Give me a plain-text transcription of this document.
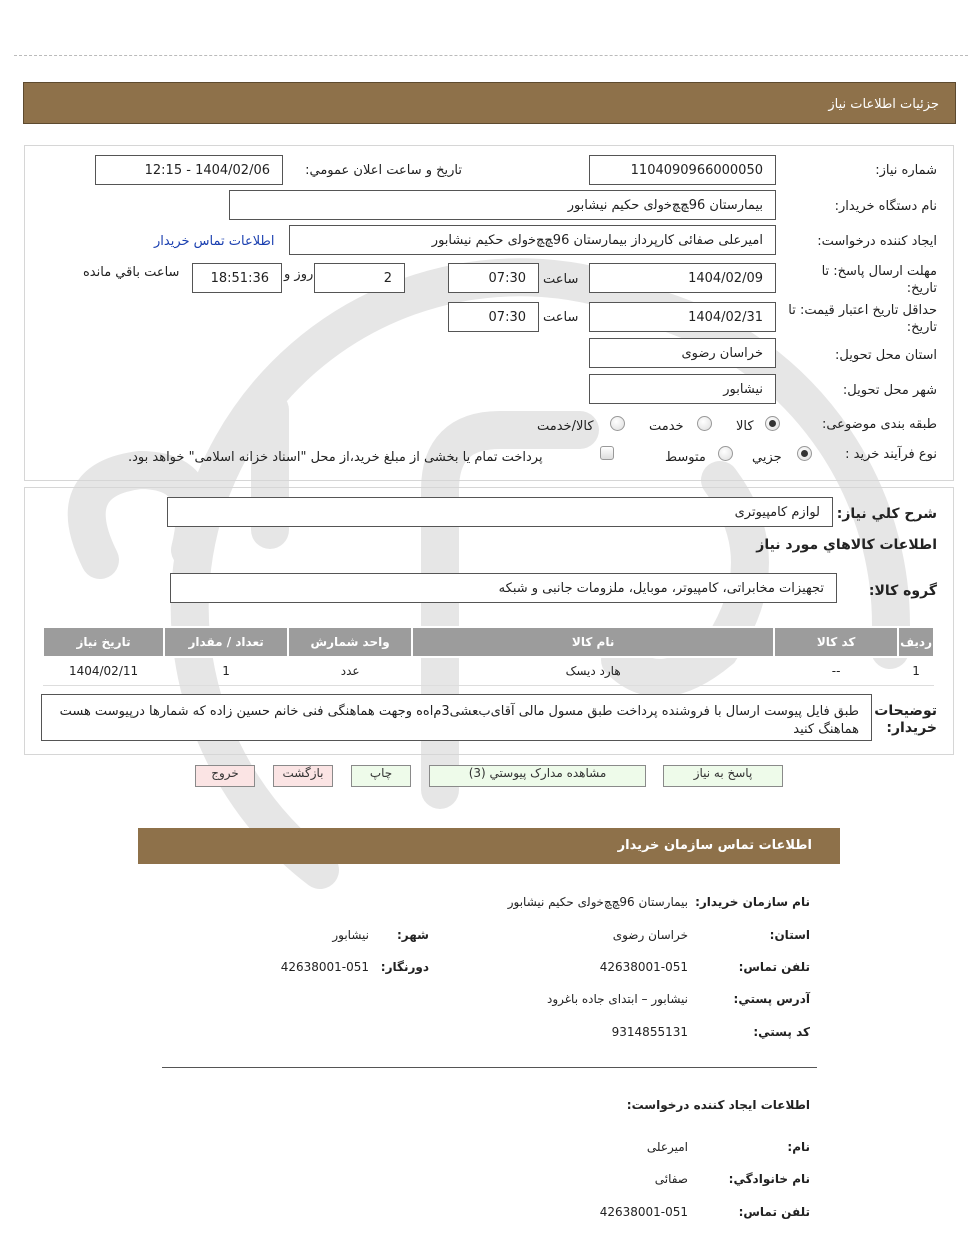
جزئيات اطلاعات نياز
شماره نياز:
1104090966000050
تاريخ و ساعت اعلان عمومي:
1404/02/06 - 12:15
نام دستگاه خريدار:
بیمارستان 96ﭻﭻﺧﻭﻟی حکیم نیشابور
ايجاد كننده درخواست:
امیرعلی صفائی کارپرداز بیمارستان 96ﭻﭻﺧﻭﻟی حکیم نیشابور
اطلاعات تماس خريدار
مهلت ارسال پاسخ: تا تاريخ:
1404/02/09
ساعت
07:30
2
روز و
18:51:36
ساعت باقي مانده
حداقل تاريخ اعتبار قيمت: تا تاريخ:
1404/02/31
ساعت
07:30
استان محل تحويل:
خراسان رضوی
شهر محل تحويل:
نیشابور
طبقه بندی موضوعی:
کالا
خدمت
کالا/خدمت
نوع فرآيند خريد :
جزيي
متوسط
پرداخت تمام یا بخشی از مبلغ خرید،از محل "اسناد خزانه اسلامی" خواهد بود.
شرح كلي نياز:
لوازم کامپیوتری
اطلاعات كالاهاي مورد نياز
گروه كالا:
تجهیزات مخابراتی، کامپیوتر، موبایل، ملزومات جانبی و شبکه
رديف	كد كالا	نام كالا	واحد شمارش	تعداد / مقدار	تاريخ نياز
1	--	هارد دیسک	عدد	1	1404/02/11
توضيحات خريدار:
طبق فایل پیوست ارسال با فروشنده پرداخت طبق مسول مالی آقایﺏﻌﺸﯽ3ﻡﺍﻩﻩ وجهت هماهنگی فنی خانم حسین زاده که شمارها درپیوست هست هماهنگ کنید
پاسخ به نياز
مشاهده مدارک پيوستي (3)
چاپ
بازگشت
خروج
اطلاعات تماس سازمان خريدار
نام سازمان خريدار:
بیمارستان 96ﭻﭻﺧﻭﻟی حکیم نیشابور
استان:
خراسان رضوی
شهر:
نیشابور
تلفن تماس:
42638001-051
دورنگار:
42638001-051
آدرس پستي:
نیشابور – ابتدای جاده باغرود
كد پستي:
9314855131
اطلاعات ايجاد كننده درخواست:
نام:
امیرعلی
نام خانوادگي:
صفائی
تلفن تماس:
42638001-051
